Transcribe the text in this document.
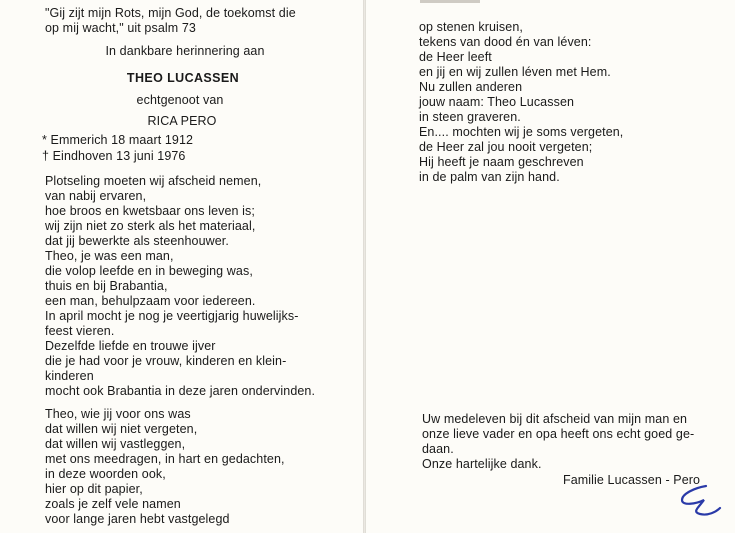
"Gij zijt mijn Rots, mijn God, de toekomst die
op mij wacht," uit psalm 73
In dankbare herinnering aan
THEO LUCASSEN
echtgenoot van
RICA PERO
* Emmerich 18 maart 1912
† Eindhoven 13 juni 1976
Plotseling moeten wij afscheid nemen,
van nabij ervaren,
hoe broos en kwetsbaar ons leven is;
wij zijn niet zo sterk als het materiaal,
dat jij bewerkte als steenhouwer.
Theo, je was een man,
die volop leefde en in beweging was,
thuis en bij Brabantia,
een man, behulpzaam voor iedereen.
In april mocht je nog je veertigjarig huwelijks-
feest vieren.
Dezelfde liefde en trouwe ijver
die je had voor je vrouw, kinderen en klein-
kinderen
mocht ook Brabantia in deze jaren ondervinden.
Theo, wie jij voor ons was
dat willen wij niet vergeten,
dat willen wij vastleggen,
met ons meedragen, in hart en gedachten,
in deze woorden ook,
hier op dit papier,
zoals je zelf vele namen
voor lange jaren hebt vastgelegd
op stenen kruisen,
tekens van dood én van léven:
de Heer leeft
en jij en wij zullen léven met Hem.
Nu zullen anderen
jouw naam: Theo Lucassen
in steen graveren.
En.... mochten wij je soms vergeten,
de Heer zal jou nooit vergeten;
Hij heeft je naam geschreven
in de palm van zijn hand.
Uw medeleven bij dit afscheid van mijn man en
onze lieve vader en opa heeft ons echt goed ge-
daan.
Onze hartelijke dank.
Familie Lucassen - Pero
